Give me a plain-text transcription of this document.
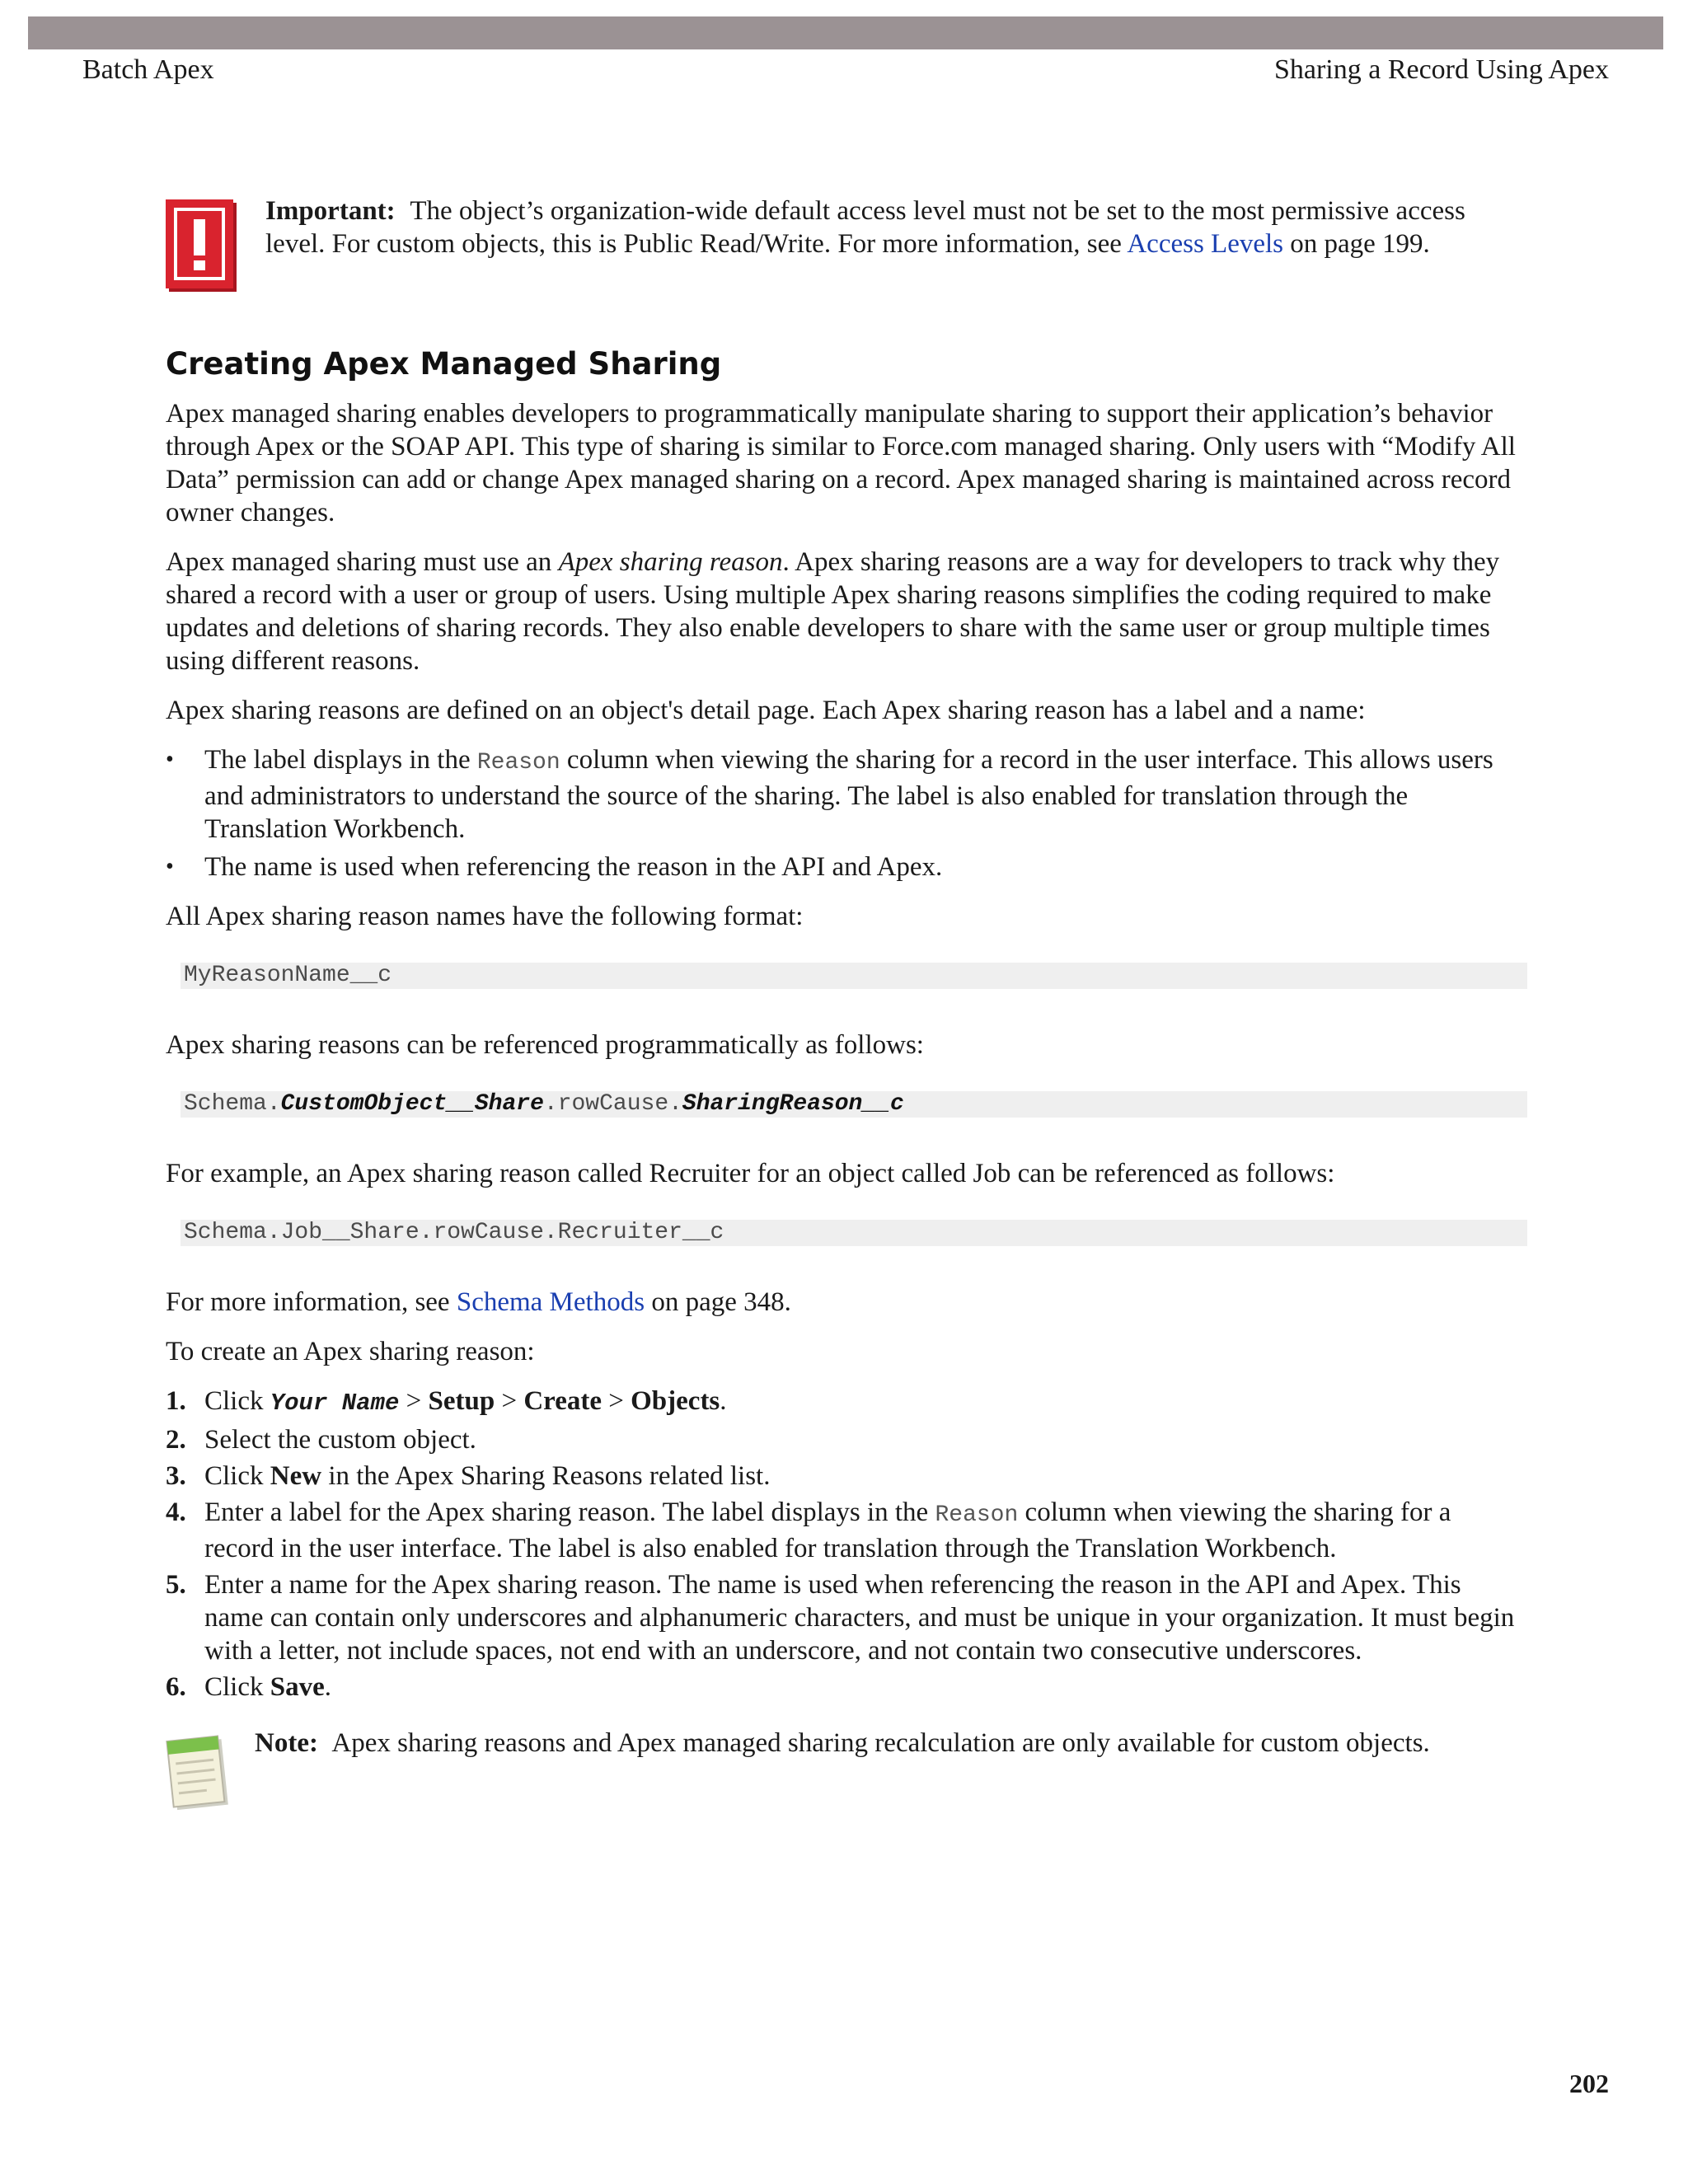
Batch Apex	Sharing a Record Using Apex

Important: The object’s organization-wide default access level must not be set to the most permissive access level. For custom objects, this is Public Read/Write. For more information, see Access Levels on page 199.

Creating Apex Managed Sharing

Apex managed sharing enables developers to programmatically manipulate sharing to support their application’s behavior through Apex or the SOAP API. This type of sharing is similar to Force.com managed sharing. Only users with “Modify All Data” permission can add or change Apex managed sharing on a record. Apex managed sharing is maintained across record owner changes.

Apex managed sharing must use an Apex sharing reason. Apex sharing reasons are a way for developers to track why they shared a record with a user or group of users. Using multiple Apex sharing reasons simplifies the coding required to make updates and deletions of sharing records. They also enable developers to share with the same user or group multiple times using different reasons.

Apex sharing reasons are defined on an object's detail page. Each Apex sharing reason has a label and a name:

• The label displays in the Reason column when viewing the sharing for a record in the user interface. This allows users and administrators to understand the source of the sharing. The label is also enabled for translation through the Translation Workbench.
• The name is used when referencing the reason in the API and Apex.

All Apex sharing reason names have the following format:

MyReasonName__c

Apex sharing reasons can be referenced programmatically as follows:

Schema.CustomObject__Share.rowCause.SharingReason__c

For example, an Apex sharing reason called Recruiter for an object called Job can be referenced as follows:

Schema.Job__Share.rowCause.Recruiter__c

For more information, see Schema Methods on page 348.

To create an Apex sharing reason:

1. Click Your Name > Setup > Create > Objects.
2. Select the custom object.
3. Click New in the Apex Sharing Reasons related list.
4. Enter a label for the Apex sharing reason. The label displays in the Reason column when viewing the sharing for a record in the user interface. The label is also enabled for translation through the Translation Workbench.
5. Enter a name for the Apex sharing reason. The name is used when referencing the reason in the API and Apex. This name can contain only underscores and alphanumeric characters, and must be unique in your organization. It must begin with a letter, not include spaces, not end with an underscore, and not contain two consecutive underscores.
6. Click Save.

Note: Apex sharing reasons and Apex managed sharing recalculation are only available for custom objects.

202
